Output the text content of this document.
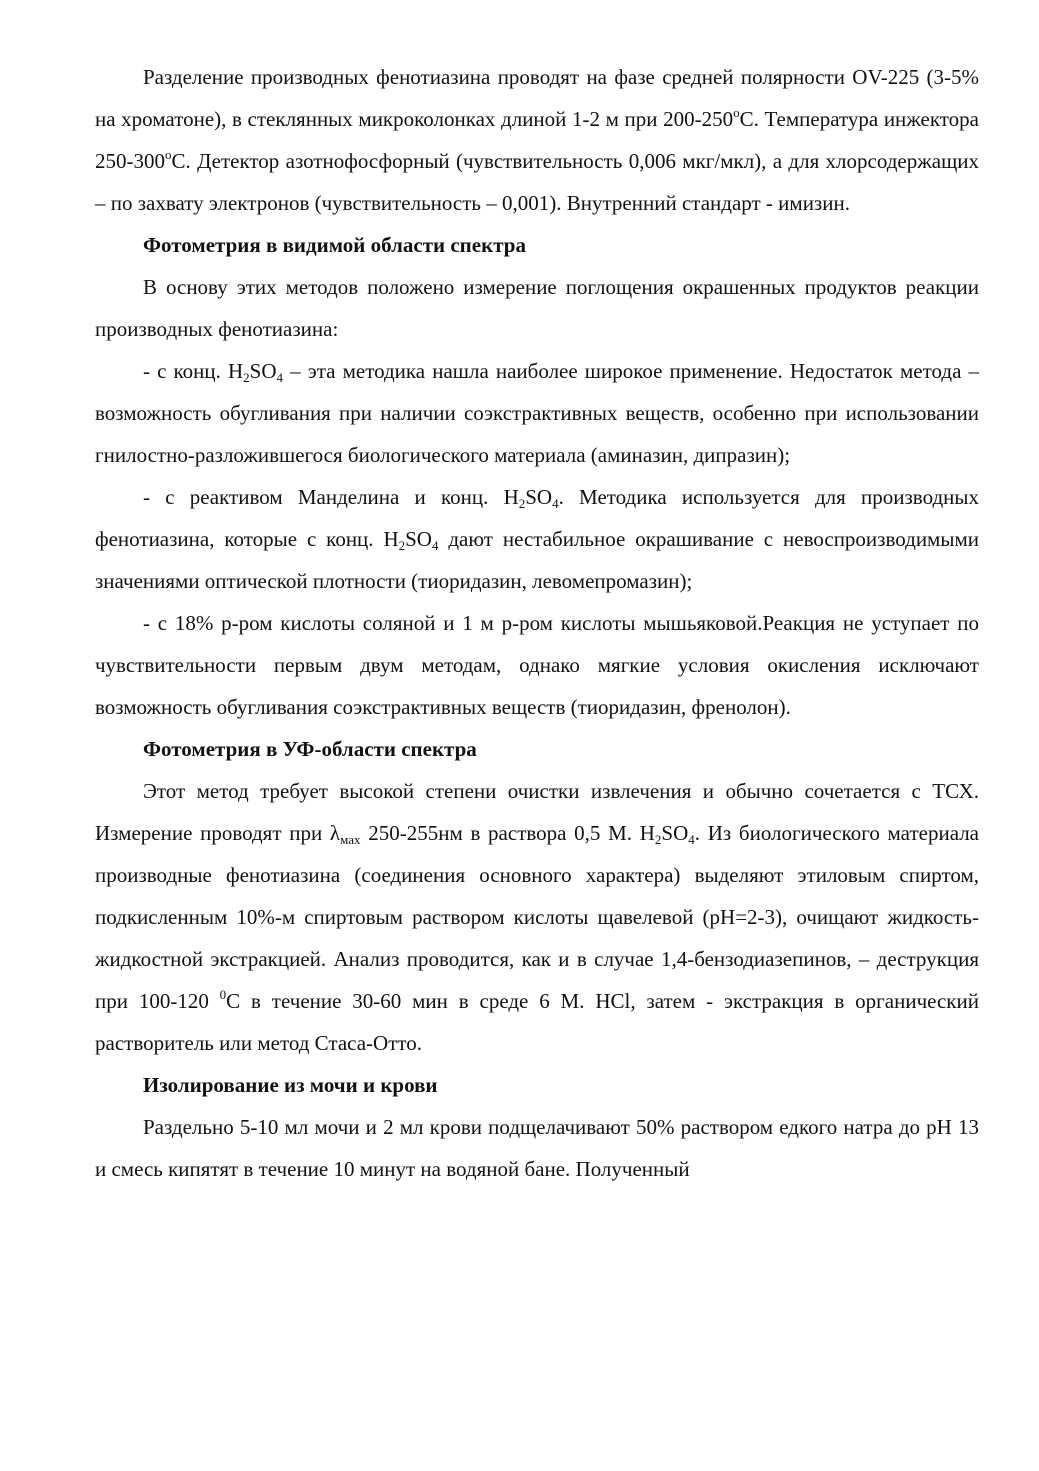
Разделение производных фенотиазина проводят на фазе средней полярности OV-225 (3-5% на хроматоне), в стеклянных микроколонках длиной 1-2 м при 200-250$^o$С. Температура инжектора 250-300$^o$С. Детектор азотнофосфорный (чувствительность 0,006 мкг/мкл), а для хлорсодержащих – по захвату электронов (чувствительность – 0,001). Внутренний стандарт - имизин.

Фотометрия в видимой области спектра

В основу этих методов положено измерение поглощения окрашенных продуктов реакции производных фенотиазина:

- с конц. $H_2SO_4$ – эта методика нашла наиболее широкое применение. Недостаток метода – возможность обугливания при наличии соэкстрактивных веществ, особенно при использовании гнилостно-разложившегося биологического материала (аминазин, дипразин);

- с реактивом Манделина и конц. $H_2SO_4$. Методика используется для производных фенотиазина, которые с конц. $H_2SO_4$ дают нестабильное окрашивание с невоспроизводимыми значениями оптической плотности (тиоридазин, левомепромазин);

- с 18% р-ром кислоты соляной и 1 м р-ром кислоты мышьяковой.Реакция не уступает по чувствительности первым двум методам, однако мягкие условия окисления исключают возможность обугливания соэкстрактивных веществ (тиоридазин, френолон).

Фотометрия в УФ-области спектра

Этот метод требует высокой степени очистки извлечения и обычно сочетается с ТСХ. Измерение проводят при $\lambda_{мах}$ 250-255нм в раствора 0,5 М. $H_2SO_4$. Из биологического материала производные фенотиазина (соединения основного характера) выделяют этиловым спиртом, подкисленным 10%-м спиртовым раствором кислоты щавелевой (рН=2-3), очищают жидкость-жидкостной экстракцией. Анализ проводится, как и в случае 1,4-бензодиазепинов, – деструкция при 100-120 $^0$С в течение 30-60 мин в среде 6 М. HCl, затем - экстракция в органический растворитель или метод Стаса-Отто.

Изолирование из мочи и крови

Раздельно 5-10 мл мочи и 2 мл крови подщелачивают 50% раствором едкого натра до рН 13 и смесь кипятят в течение 10 минут на водяной бане. Полученный
